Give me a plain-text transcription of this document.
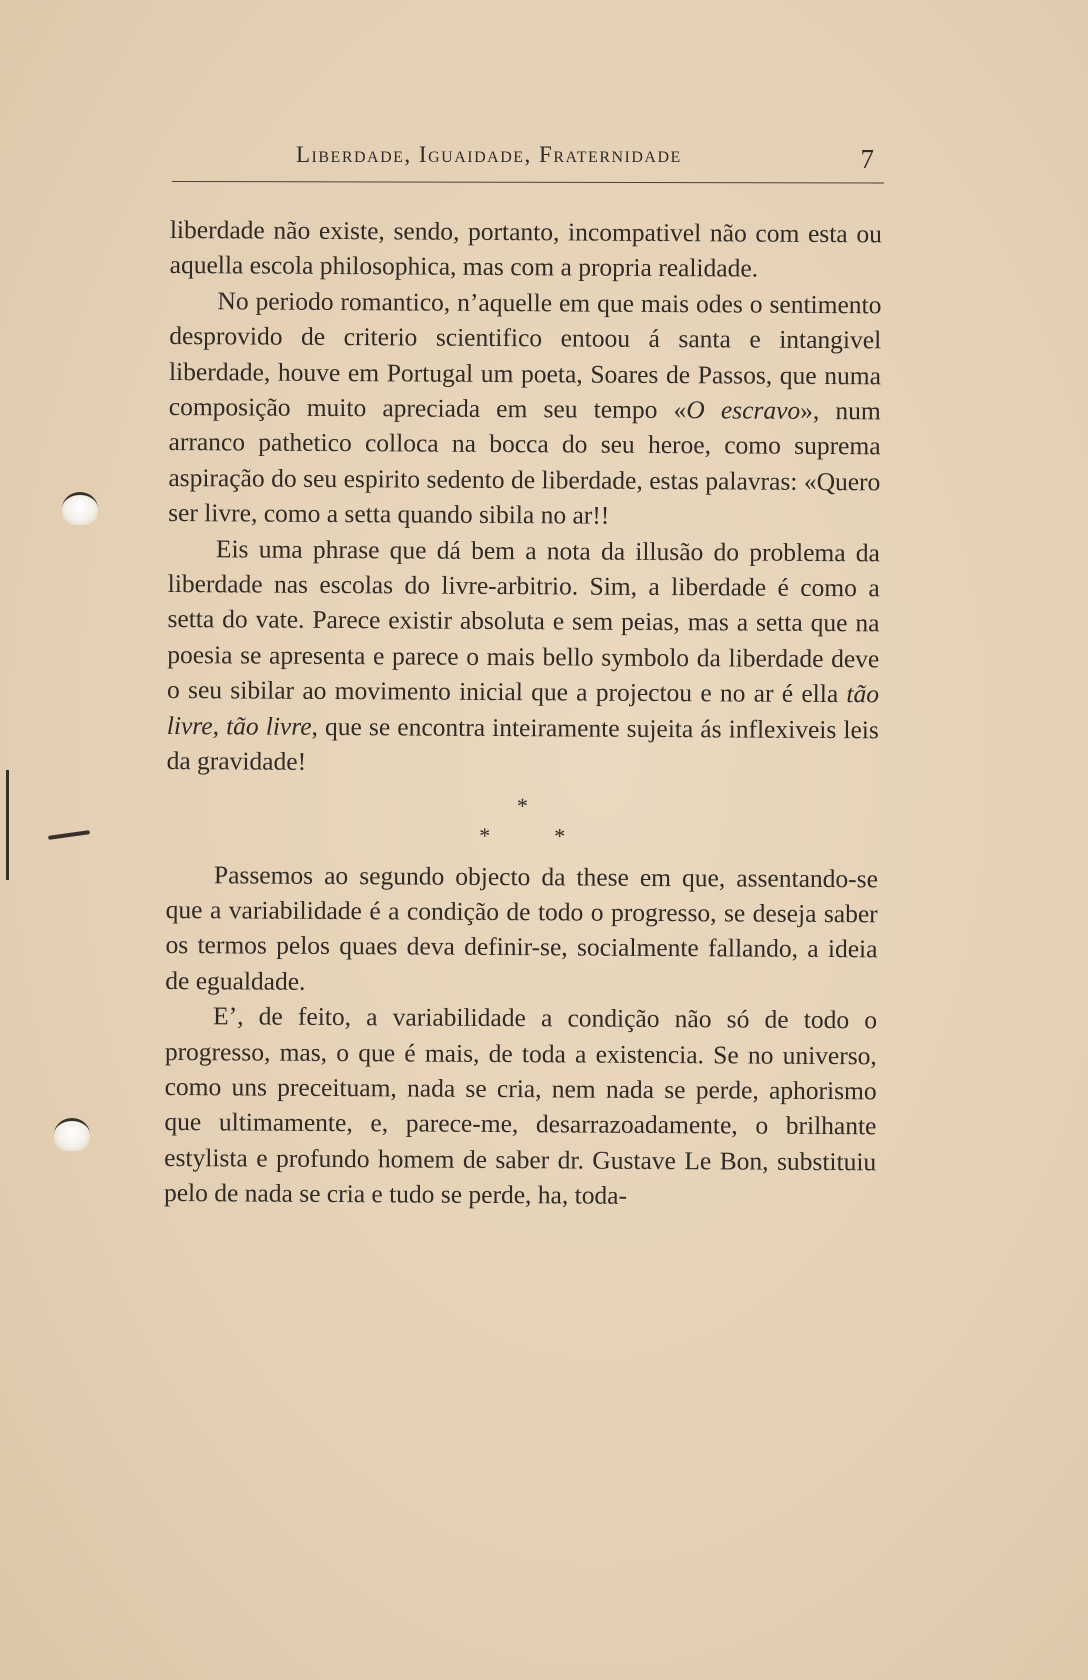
Liberdade, Iguaidade, Fraternidade	7

liberdade não existe, sendo, portanto, incompativel não com esta ou aquella escola philosophica, mas com a propria realidade.

No periodo romantico, n’aquelle em que mais odes o sentimento desprovido de criterio scientifico entoou á santa e intangivel liberdade, houve em Portugal um poeta, Soares de Passos, que numa composição muito apreciada em seu tempo «O escravo», num arranco pathetico colloca na bocca do seu heroe, como suprema aspiração do seu espirito sedento de liberdade, estas palavras: «Quero ser livre, como a setta quando sibila no ar!!

Eis uma phrase que dá bem a nota da illusão do problema da liberdade nas escolas do livre-arbitrio. Sim, a liberdade é como a setta do vate. Parece existir absoluta e sem peias, mas a setta que na poesia se apresenta e parece o mais bello symbolo da liberdade deve o seu sibilar ao movimento inicial que a projectou e no ar é ella tão livre, tão livre, que se encontra inteiramente sujeita ás inflexiveis leis da gravidade!

*
*	*

Passemos ao segundo objecto da these em que, assentando-se que a variabilidade é a condição de todo o progresso, se deseja saber os termos pelos quaes deva definir-se, socialmente fallando, a ideia de egualdade.

E’, de feito, a variabilidade a condição não só de todo o progresso, mas, o que é mais, de toda a existencia. Se no universo, como uns preceituam, nada se cria, nem nada se perde, aphorismo que ultimamente, e, parece-me, desarrazoadamente, o brilhante estylista e profundo homem de saber dr. Gustave Le Bon, substituiu pelo de nada se cria e tudo se perde, ha, toda-
